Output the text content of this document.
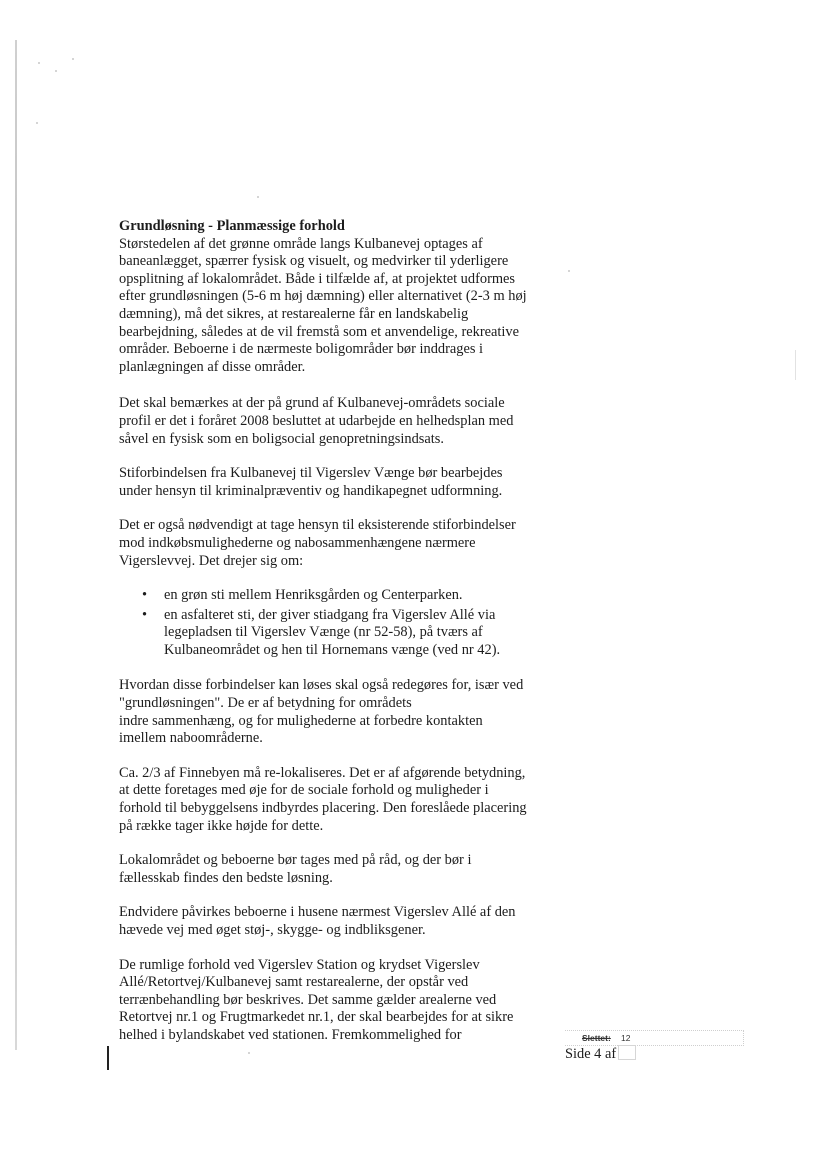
Grundløsning - Planmæssige forhold
Størstedelen af det grønne område langs Kulbanevej optages af
baneanlægget, spærrer fysisk og visuelt, og medvirker til yderligere
opsplitning af lokalområdet. Både i tilfælde af, at projektet udformes
efter grundløsningen (5-6 m høj dæmning) eller alternativet (2-3 m høj
dæmning), må det sikres, at restarealerne får en landskabelig
bearbejdning, således at de vil fremstå som et anvendelige, rekreative
områder. Beboerne i de nærmeste boligområder bør inddrages i
planlægningen af disse områder.
Det skal bemærkes at der på grund af Kulbanevej-områdets sociale
profil er det i foråret 2008 besluttet at udarbejde en helhedsplan med
såvel en fysisk som en boligsocial genopretningsindsats.
Stiforbindelsen fra Kulbanevej til Vigerslev Vænge bør bearbejdes
under hensyn til kriminalpræventiv og handikapegnet udformning.
Det er også nødvendigt at tage hensyn til eksisterende stiforbindelser
mod indkøbsmulighederne og nabosammenhængene nærmere
Vigerslevvej. Det drejer sig om:
• en grøn sti mellem Henriksgården og Centerparken.
• en asfalteret sti, der giver stiadgang fra Vigerslev Allé via
legepladsen til Vigerslev Vænge (nr 52-58), på tværs af
Kulbaneområdet og hen til Hornemans vænge (ved nr 42).
Hvordan disse forbindelser kan løses skal også redegøres for, især ved
"grundløsningen". De er af betydning for områdets
indre sammenhæng, og for mulighederne at forbedre kontakten
imellem naboområderne.
Ca. 2/3 af Finnebyen må re-lokaliseres. Det er af afgørende betydning,
at dette foretages med øje for de sociale forhold og muligheder i
forhold til bebyggelsens indbyrdes placering. Den foreslåede placering
på række tager ikke højde for dette.
Lokalområdet og beboerne bør tages med på råd, og der bør i
fællesskab findes den bedste løsning.
Endvidere påvirkes beboerne i husene nærmest Vigerslev Allé af den
hævede vej med øget støj-, skygge- og indbliksgener.
De rumlige forhold ved Vigerslev Station og krydset Vigerslev
Allé/Retortvej/Kulbanevej samt restarealerne, der opstår ved
terrænbehandling bør beskrives. Det samme gælder arealerne ved
Retortvej nr.1 og Frugtmarkedet nr.1, der skal bearbejdes for at sikre
helhed i bylandskabet ved stationen. Fremkommelighed for	Slettet: 12
Side 4 af
